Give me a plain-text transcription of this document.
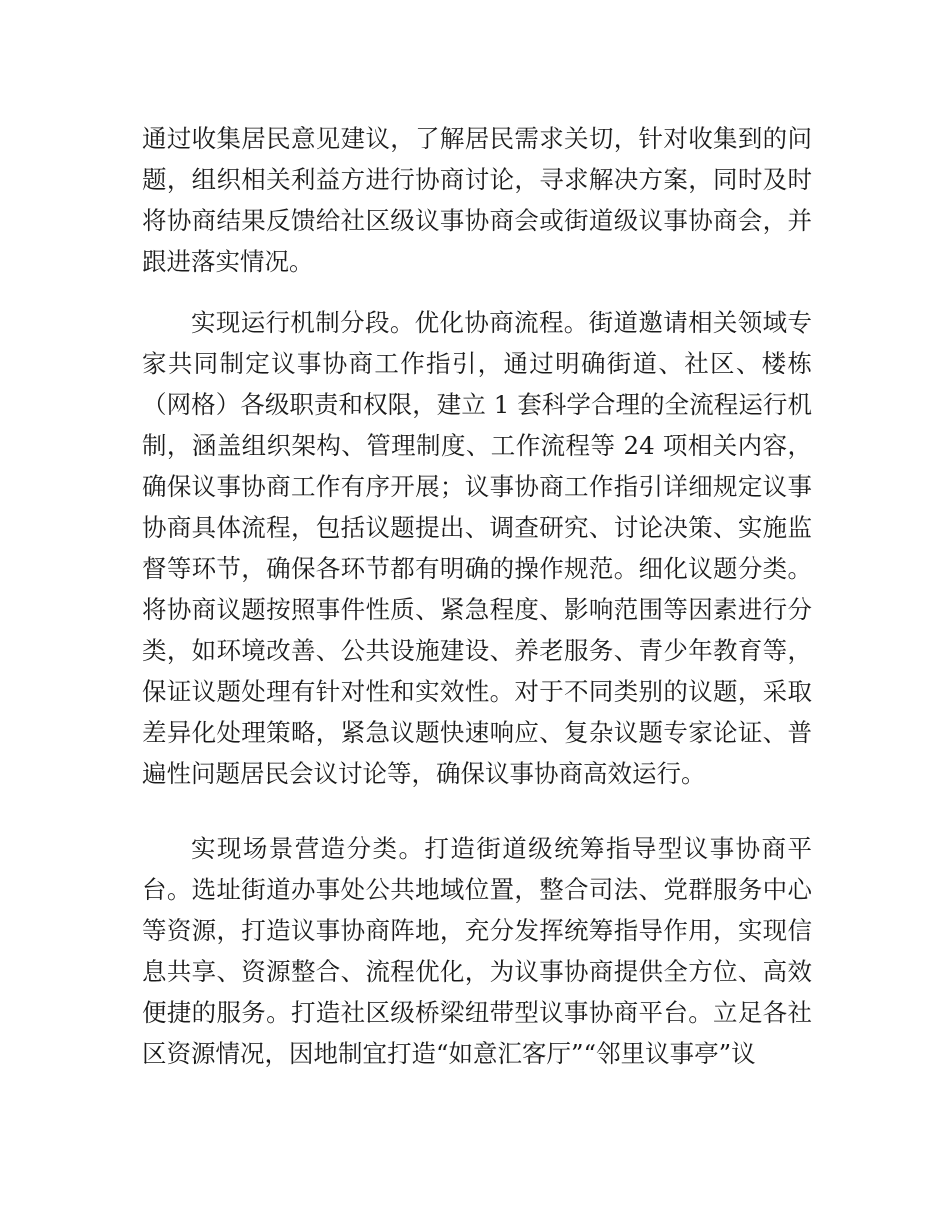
通过收集居民意见建议，了解居民需求关切，针对收集到的问题，组织相关利益方进行协商讨论，寻求解决方案，同时及时将协商结果反馈给社区级议事协商会或街道级议事协商会，并跟进落实情况。

实现运行机制分段。优化协商流程。街道邀请相关领域专家共同制定议事协商工作指引，通过明确街道、社区、楼栋（网格）各级职责和权限，建立 1 套科学合理的全流程运行机制，涵盖组织架构、管理制度、工作流程等 24 项相关内容，确保议事协商工作有序开展；议事协商工作指引详细规定议事协商具体流程，包括议题提出、调查研究、讨论决策、实施监督等环节，确保各环节都有明确的操作规范。细化议题分类。将协商议题按照事件性质、紧急程度、影响范围等因素进行分类，如环境改善、公共设施建设、养老服务、青少年教育等，保证议题处理有针对性和实效性。对于不同类别的议题，采取差异化处理策略，紧急议题快速响应、复杂议题专家论证、普遍性问题居民会议讨论等，确保议事协商高效运行。

实现场景营造分类。打造街道级统筹指导型议事协商平台。选址街道办事处公共地域位置，整合司法、党群服务中心等资源，打造议事协商阵地，充分发挥统筹指导作用，实现信息共享、资源整合、流程优化，为议事协商提供全方位、高效便捷的服务。打造社区级桥梁纽带型议事协商平台。立足各社区资源情况，因地制宜打造“如意汇客厅”“邻里议事亭”议
